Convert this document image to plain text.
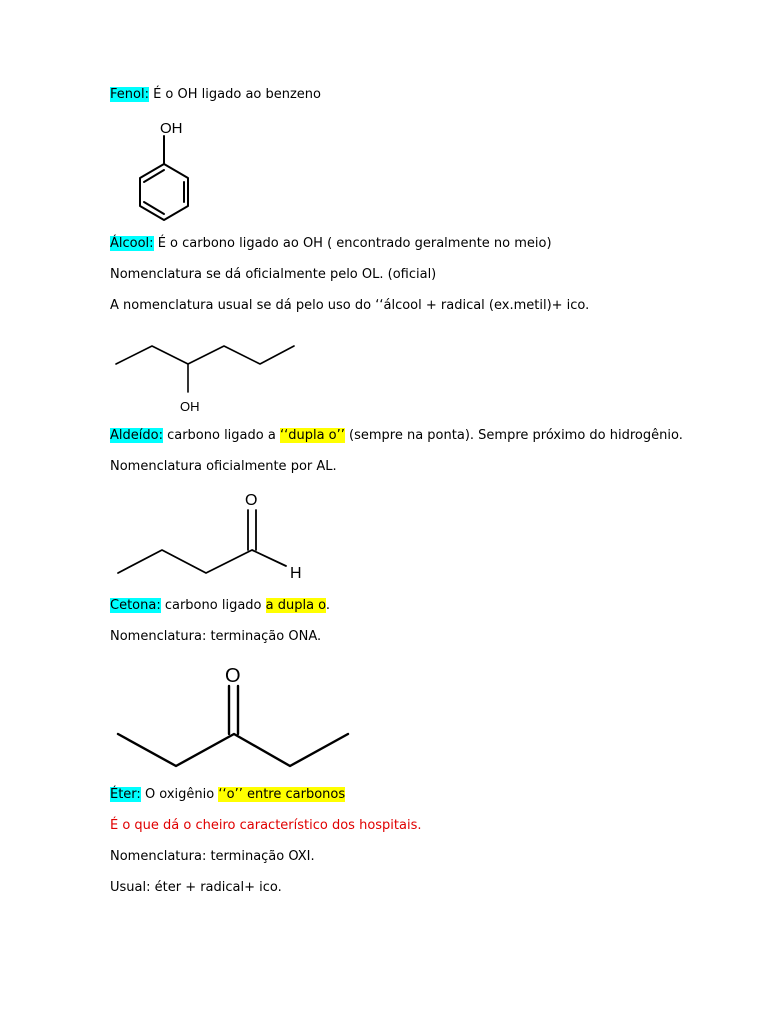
Fenol: É o OH ligado ao benzeno
OH
Álcool: É o carbono ligado ao OH ( encontrado geralmente no meio)
Nomenclatura se dá oficialmente pelo OL. (oficial)
A nomenclatura usual se dá pelo uso do ‘‘álcool + radical (ex.metil)+ ico.
OH
Aldeído: carbono ligado a ‘‘dupla o’’ (sempre na ponta). Sempre próximo do hidrogênio.
Nomenclatura oficialmente por AL.
O
H
Cetona: carbono ligado a dupla o.
Nomenclatura: terminação ONA.
O
Éter: O oxigênio ‘‘o’’ entre carbonos
É o que dá o cheiro característico dos hospitais.
Nomenclatura: terminação OXI.
Usual: éter + radical+ ico.
